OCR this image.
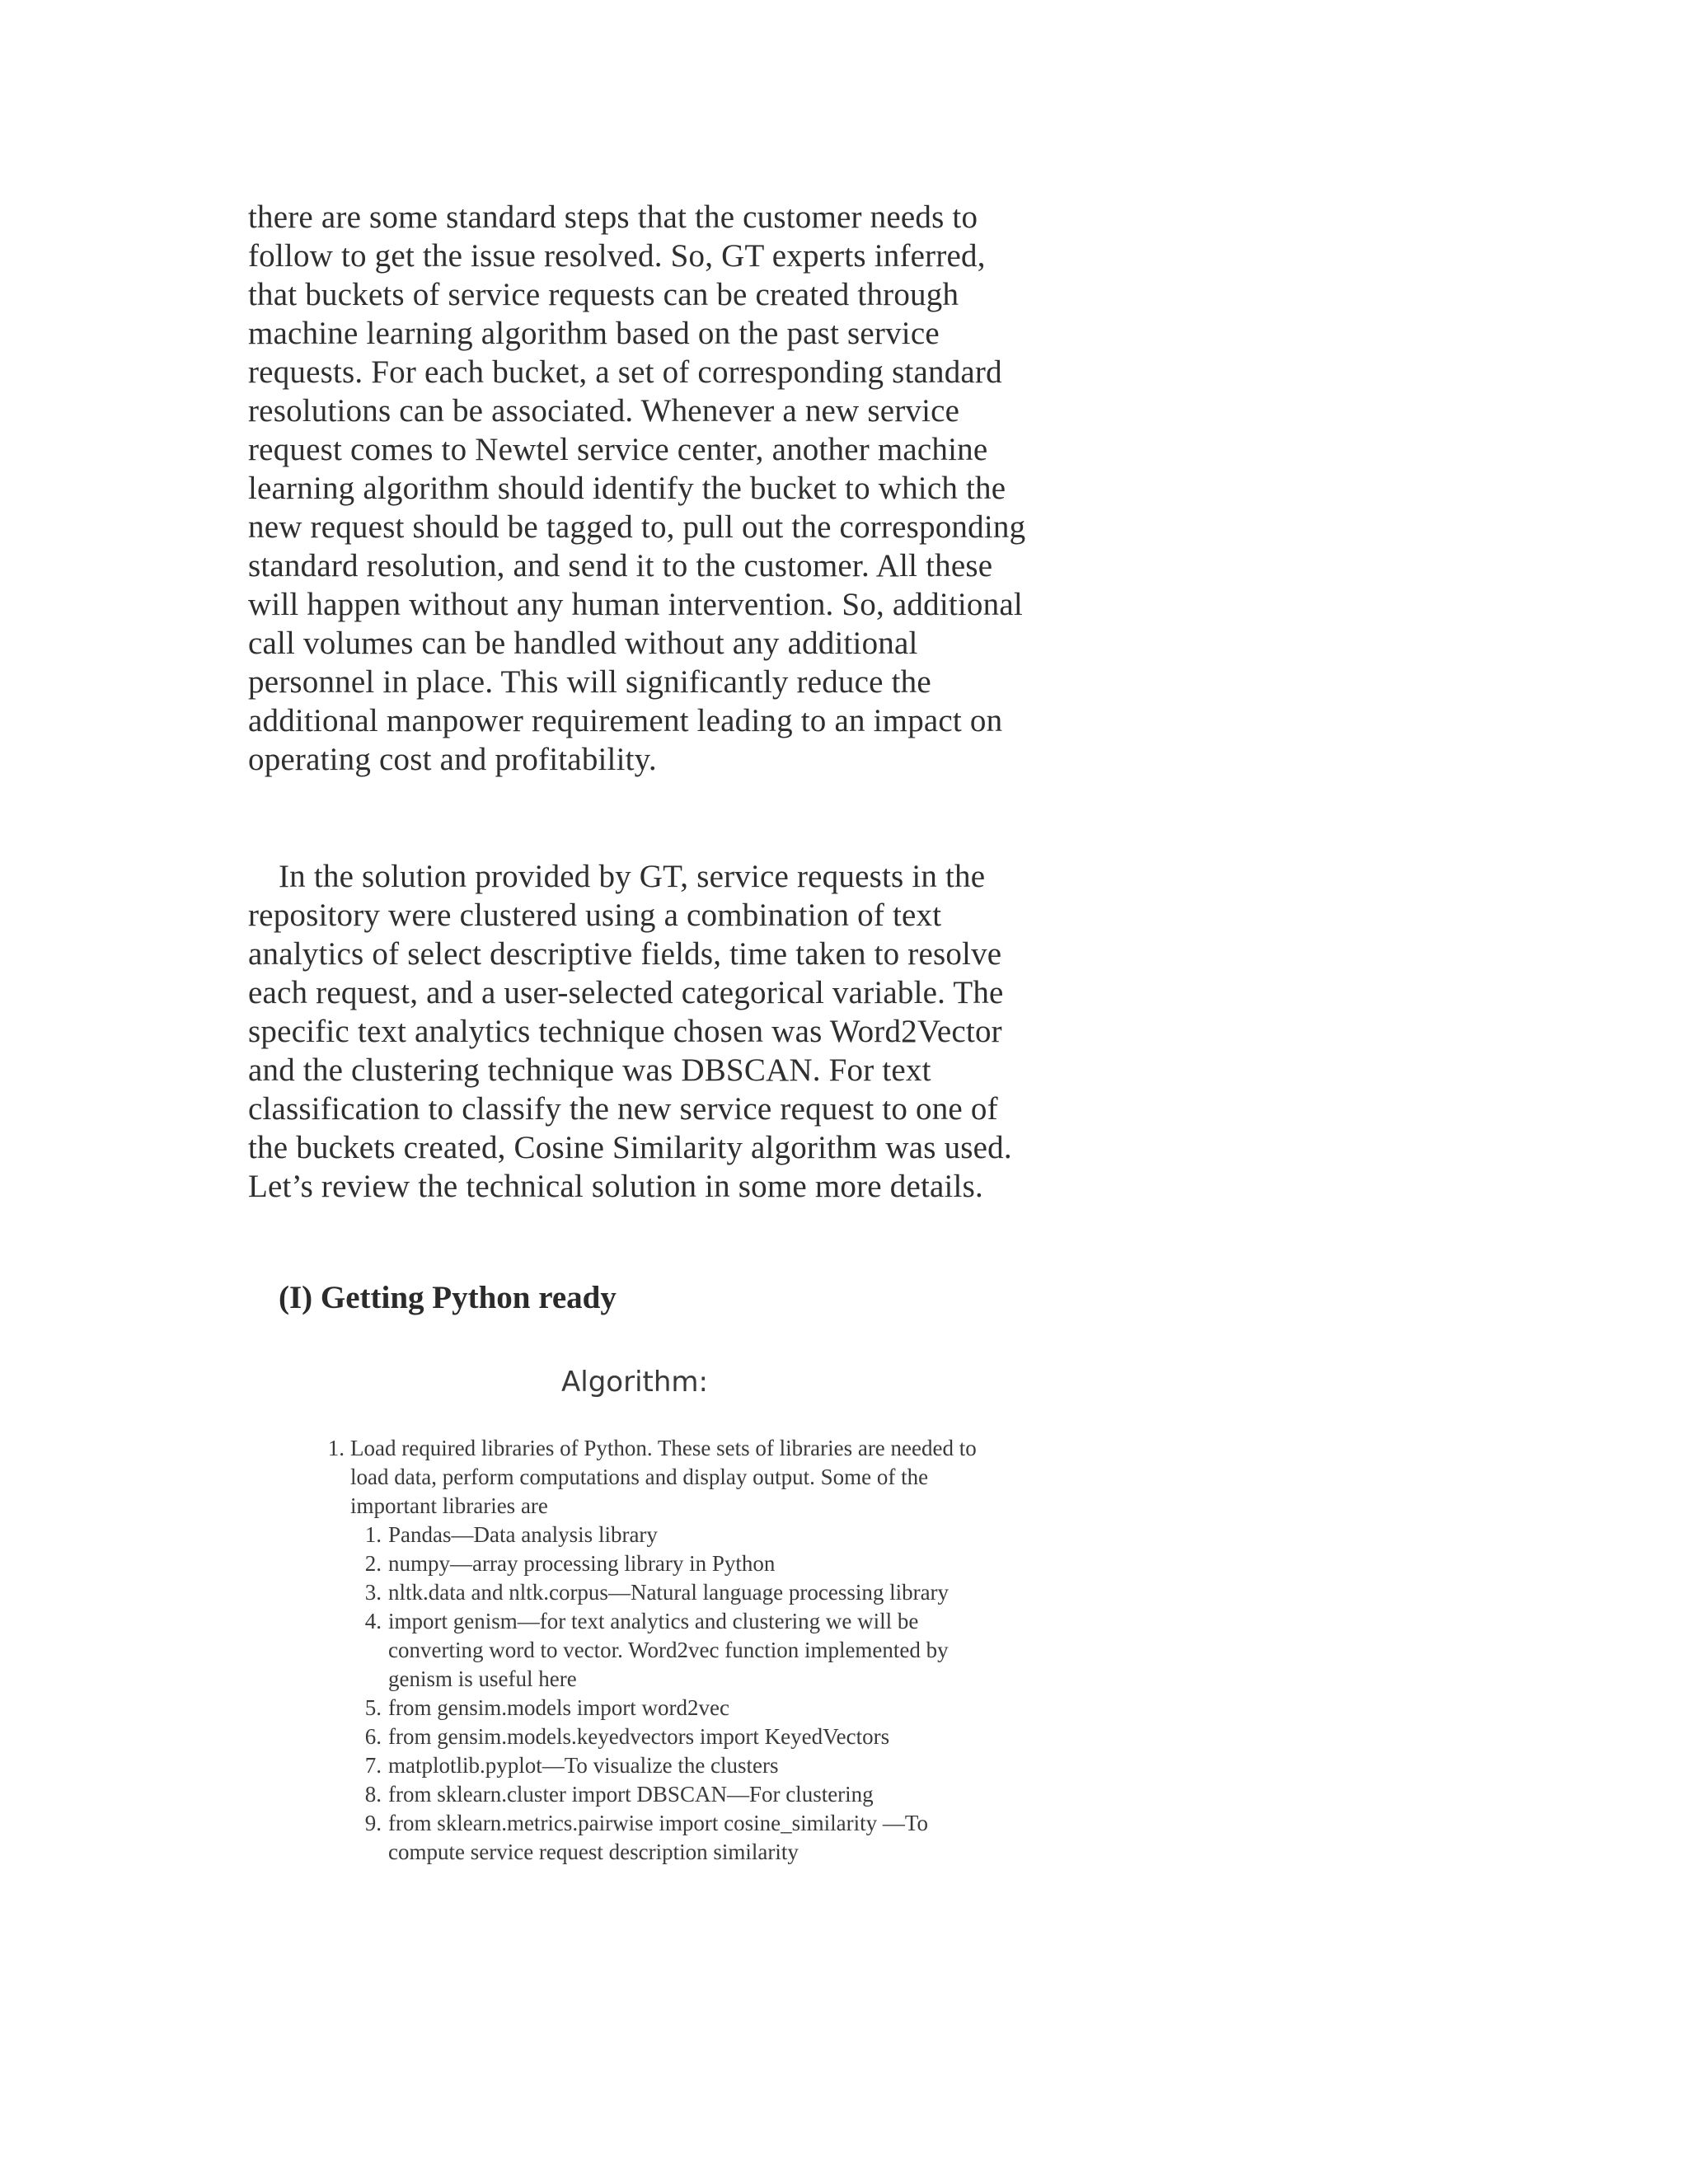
there are some standard steps that the customer needs to follow to get the issue resolved. So, GT experts inferred, that buckets of service requests can be created through machine learning algorithm based on the past service requests. For each bucket, a set of corresponding standard resolutions can be associated. Whenever a new service request comes to Newtel service center, another machine learning algorithm should identify the bucket to which the new request should be tagged to, pull out the corresponding standard resolution, and send it to the customer. All these will happen without any human intervention. So, additional call volumes can be handled without any additional personnel in place. This will significantly reduce the additional manpower requirement leading to an impact on operating cost and profitability.

In the solution provided by GT, service requests in the repository were clustered using a combination of text analytics of select descriptive fields, time taken to resolve each request, and a user-selected categorical variable. The specific text analytics technique chosen was Word2Vector and the clustering technique was DBSCAN. For text classification to classify the new service request to one of the buckets created, Cosine Similarity algorithm was used. Let’s review the technical solution in some more details.

(I) Getting Python ready
Algorithm:
1. Load required libraries of Python. These sets of libraries are needed to load data, perform computations and display output. Some of the important libraries are
1. Pandas—Data analysis library
2. numpy—array processing library in Python
3. nltk.data and nltk.corpus—Natural language processing library
4. import genism—for text analytics and clustering we will be converting word to vector. Word2vec function implemented by genism is useful here
5. from gensim.models import word2vec
6. from gensim.models.keyedvectors import KeyedVectors
7. matplotlib.pyplot—To visualize the clusters
8. from sklearn.cluster import DBSCAN—For clustering
9. from sklearn.metrics.pairwise import cosine_similarity —To compute service request description similarity
